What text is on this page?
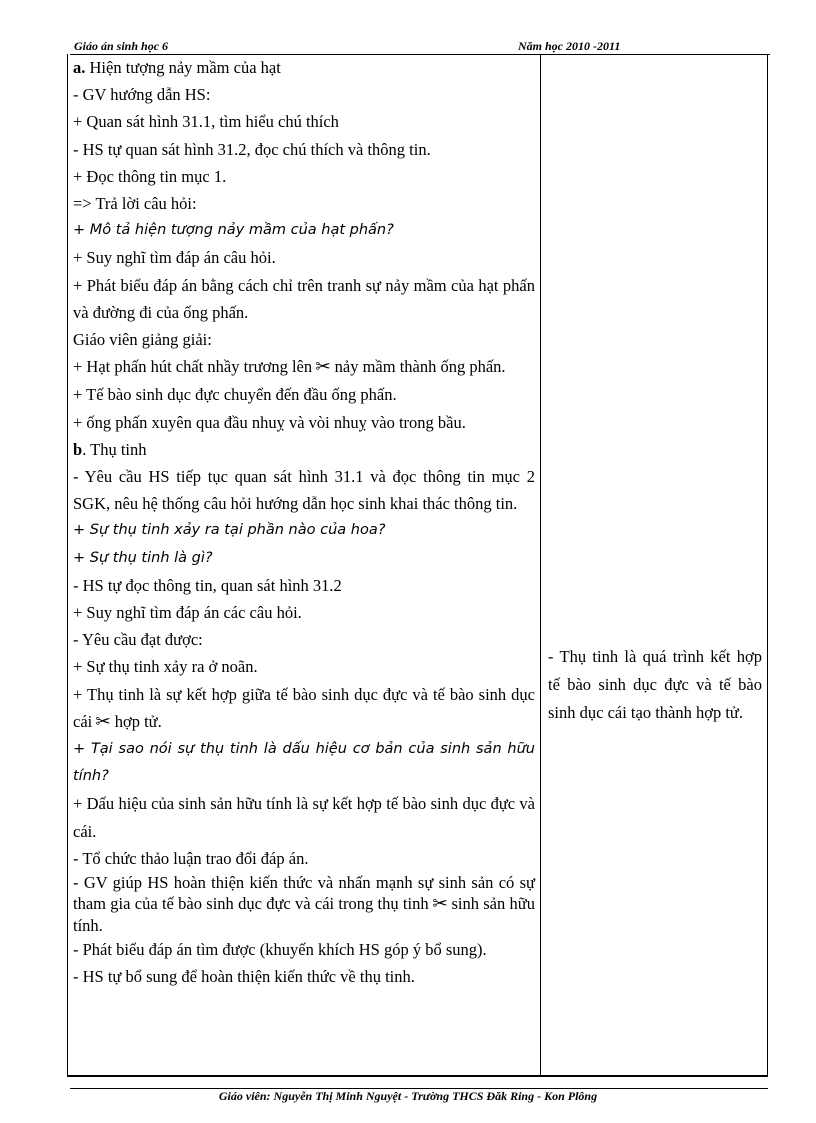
Giáo án sinh học 6	Năm học 2010 -2011
a. Hiện tượng nảy mầm của hạt
- GV hướng dẫn HS:
+ Quan sát hình 31.1, tìm hiểu chú thích
- HS tự quan sát hình 31.2, đọc chú thích và thông tin.
+ Đọc thông tin mục 1.
=> Trả lời câu hỏi:
+ Mô tả hiện tượng nảy mầm của hạt phấn?
+ Suy nghĩ tìm đáp án câu hỏi.
+ Phát biểu đáp án bằng cách chỉ trên tranh sự nảy mầm của hạt phấn và đường đi của ống phấn.
Giáo viên giảng giải:
+ Hạt phấn hút chất nhầy trương lên ✂ nảy mầm thành ống phấn.
+ Tế bào sinh dục đực chuyển đến đầu ống phấn.
+ ống phấn xuyên qua đầu nhuỵ và vòi nhuỵ vào trong bầu.
b. Thụ tinh
- Yêu cầu HS tiếp tục quan sát hình 31.1 và đọc thông tin mục 2 SGK, nêu hệ thống câu hỏi hướng dẫn học sinh khai thác thông tin.
+ Sự thụ tinh xảy ra tại phần nào của hoa?
+ Sự thụ tinh là gì?
- HS tự đọc thông tin, quan sát hình 31.2
+ Suy nghĩ tìm đáp án các câu hỏi.
- Yêu cầu đạt được:
+ Sự thụ tinh xảy ra ở noãn.
+ Thụ tinh là sự kết hợp giữa tế bào sinh dục đực và tế bào sinh dục cái ✂ hợp tử.
+ Tại sao nói sự thụ tinh là dấu hiệu cơ bản của sinh sản hữu tính?
+ Dấu hiệu của sinh sản hữu tính là sự kết hợp tế bào sinh dục đực và cái.
- Tổ chức thảo luận trao đổi đáp án.
- GV giúp HS hoàn thiện kiến thức và nhấn mạnh sự sinh sản có sự tham gia của tế bào sinh dục đực và cái trong thụ tinh ✂ sinh sản hữu tính.
- Phát biểu đáp án tìm được (khuyến khích HS góp ý bổ sung).
- HS tự bổ sung để hoàn thiện kiến thức về thụ tinh.
- Thụ tinh là quá trình kết hợp tế bào sinh dục đực và tế bào sinh dục cái tạo thành hợp tử.
Giáo viên: Nguyễn Thị Minh Nguyệt - Trường THCS Đăk Ring - Kon Plông
